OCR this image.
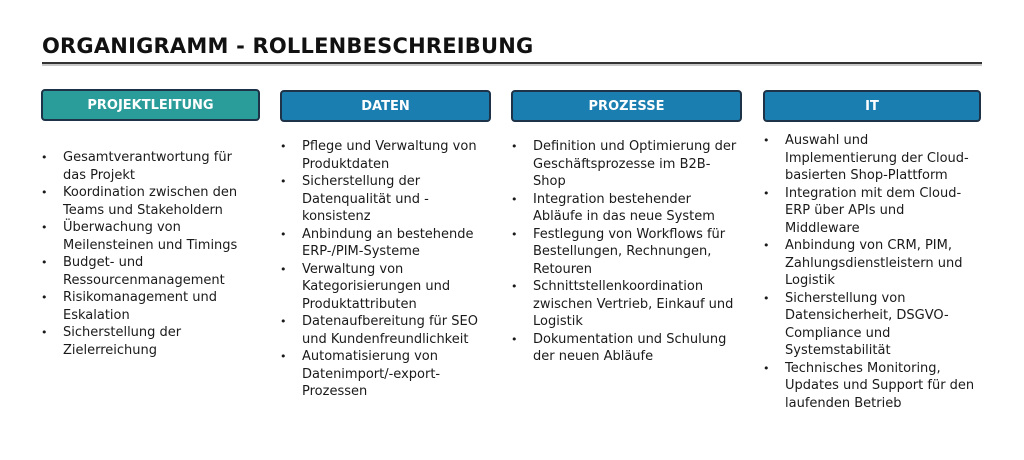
ORGANIGRAMM - ROLLENBESCHREIBUNG
PROJEKTLEITUNG
• Gesamtverantwortung für das Projekt
• Koordination zwischen den Teams und Stakeholdern
• Überwachung von Meilensteinen und Timings
• Budget- und Ressourcenmanagement
• Risikomanagement und Eskalation
• Sicherstellung der Zielerreichung
DATEN
• Pflege und Verwaltung von Produktdaten
• Sicherstellung der Datenqualität und -konsistenz
• Anbindung an bestehende ERP-/PIM-Systeme
• Verwaltung von Kategorisierungen und Produktattributen
• Datenaufbereitung für SEO und Kundenfreundlichkeit
• Automatisierung von Datenimport/-export-Prozessen
PROZESSE
• Definition und Optimierung der Geschäftsprozesse im B2B-Shop
• Integration bestehender Abläufe in das neue System
• Festlegung von Workflows für Bestellungen, Rechnungen, Retouren
• Schnittstellenkoordination zwischen Vertrieb, Einkauf und Logistik
• Dokumentation und Schulung der neuen Abläufe
IT
• Auswahl und Implementierung der Cloud-basierten Shop-Plattform
• Integration mit dem Cloud-ERP über APIs und Middleware
• Anbindung von CRM, PIM, Zahlungsdienstleistern und Logistik
• Sicherstellung von Datensicherheit, DSGVO-Compliance und Systemstabilität
• Technisches Monitoring, Updates und Support für den laufenden Betrieb
